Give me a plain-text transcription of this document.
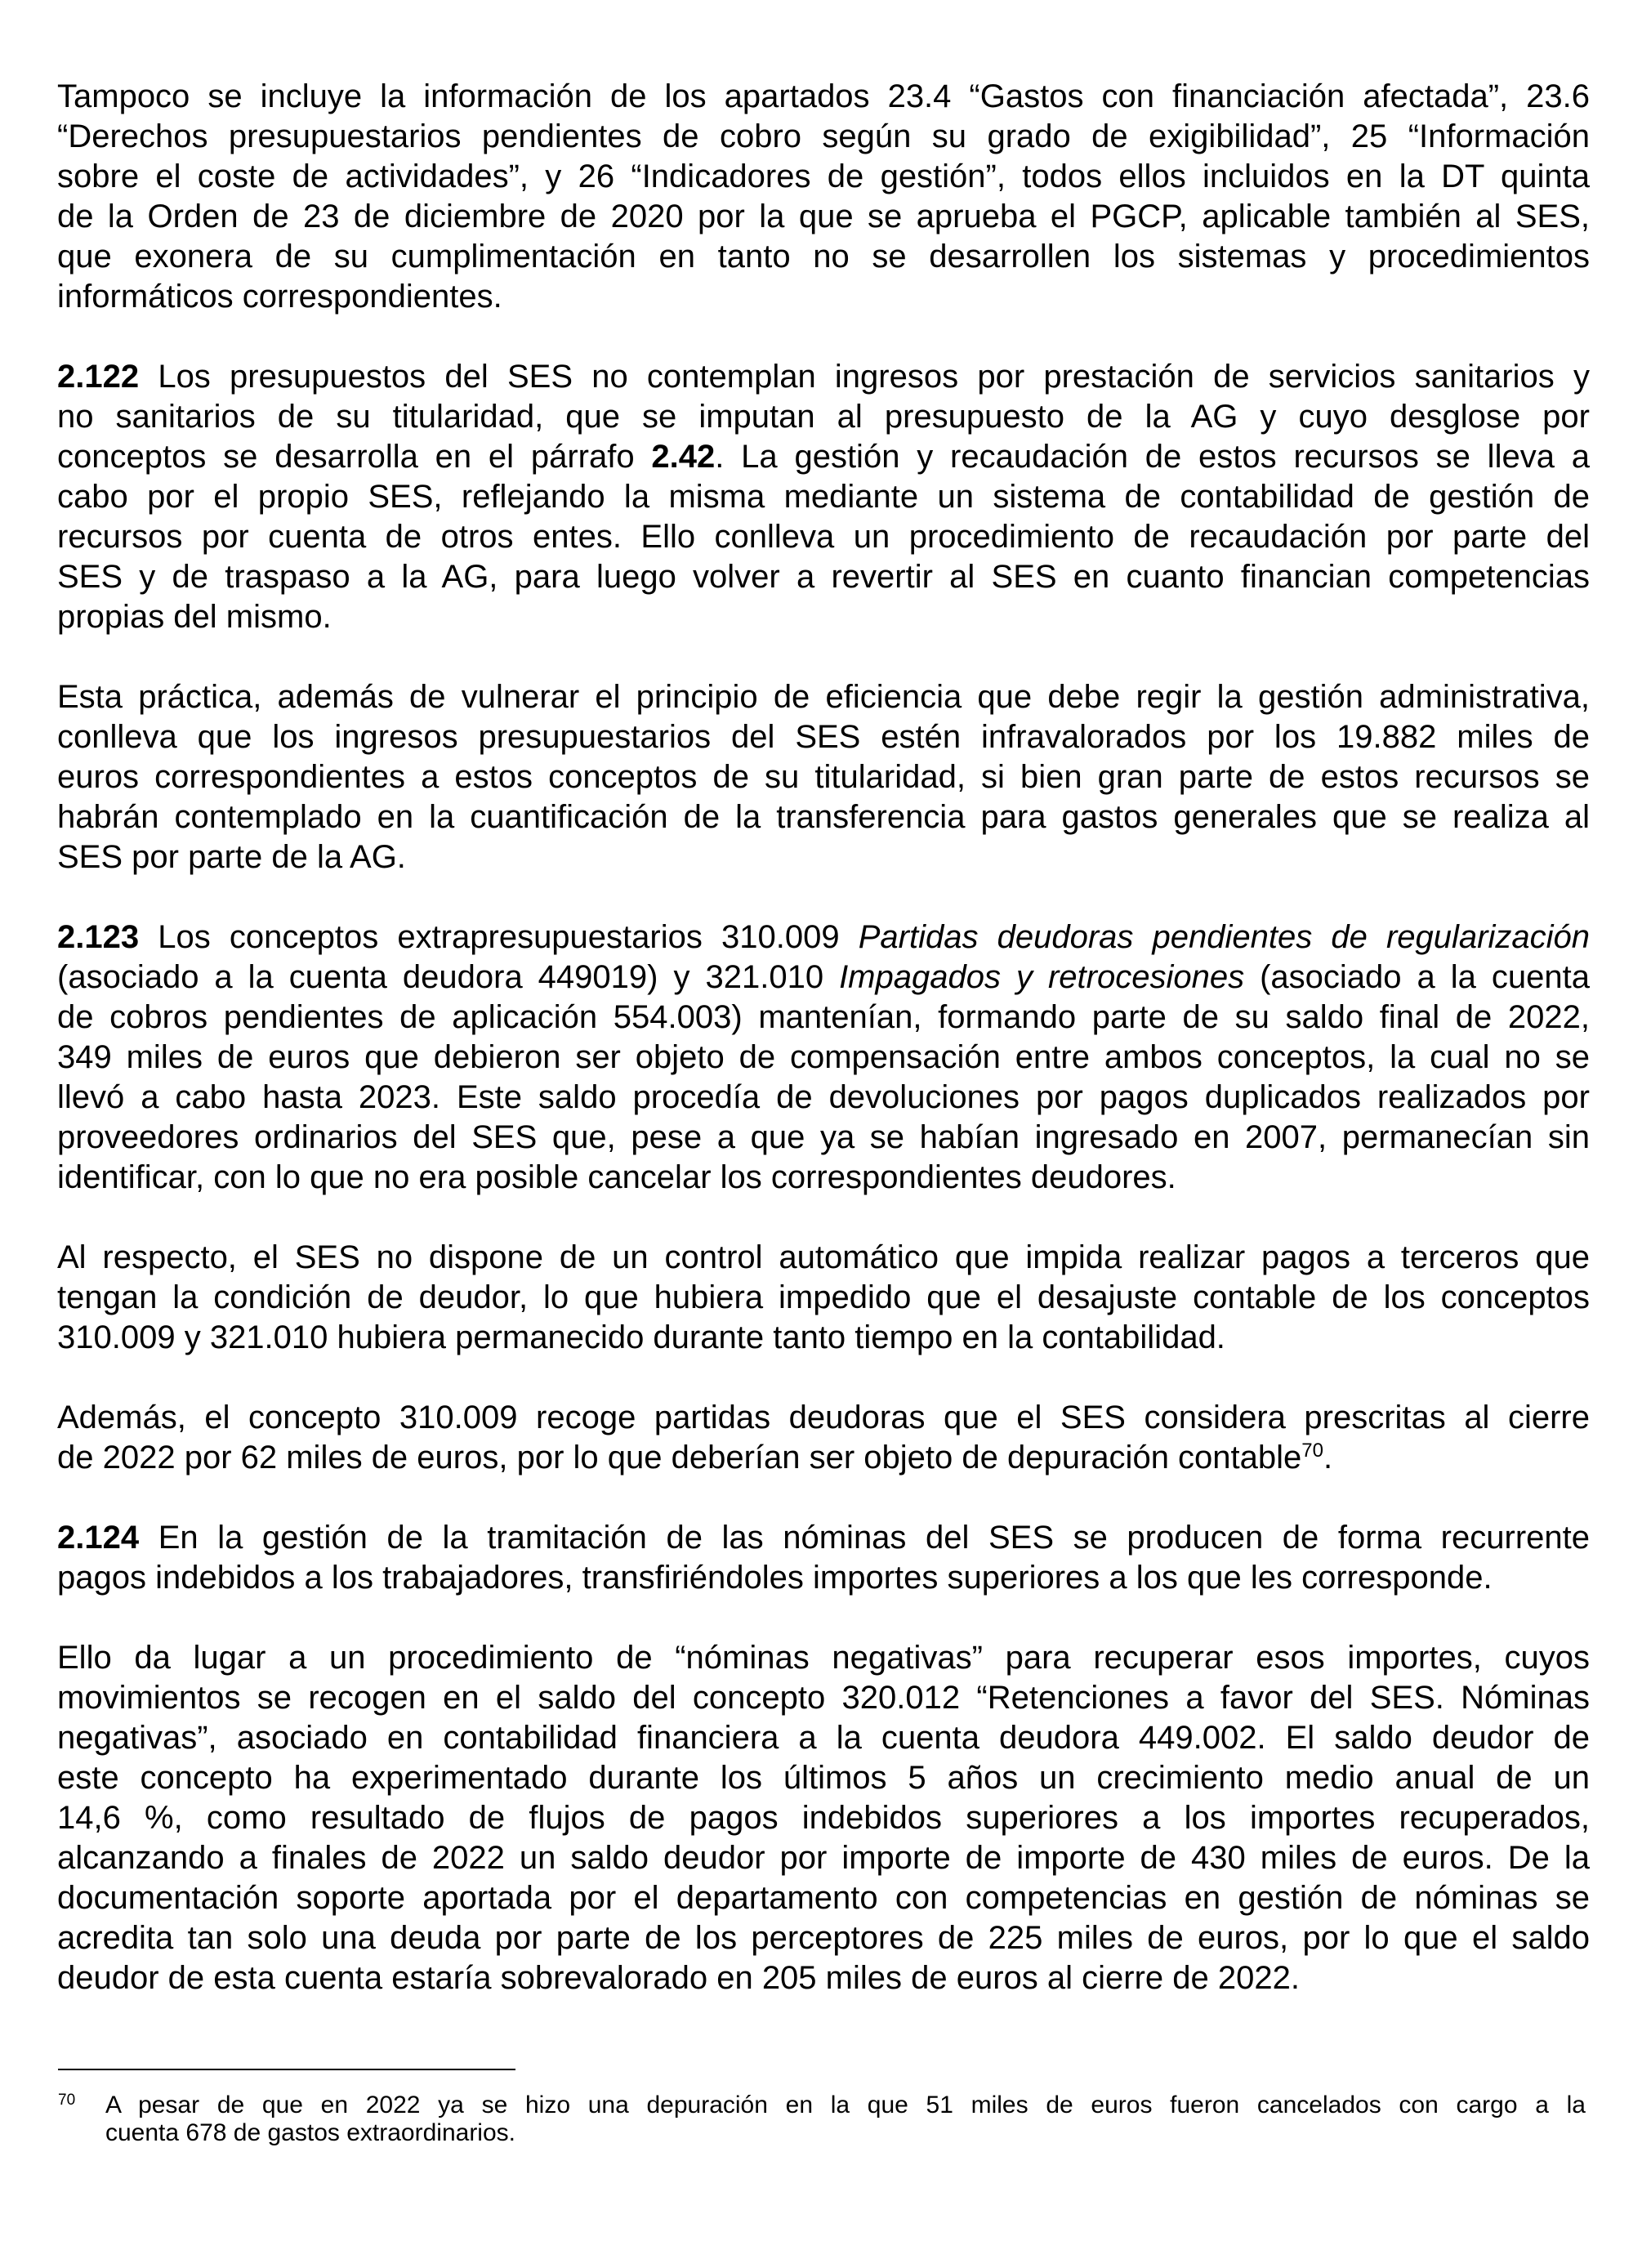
Tampoco se incluye la información de los apartados 23.4 “Gastos con financiación afectada”, 23.6
“Derechos presupuestarios pendientes de cobro según su grado de exigibilidad”, 25 “Información
sobre el coste de actividades”, y 26 “Indicadores de gestión”, todos ellos incluidos en la DT quinta
de la Orden de 23 de diciembre de 2020 por la que se aprueba el PGCP, aplicable también al SES,
que exonera de su cumplimentación en tanto no se desarrollen los sistemas y procedimientos
informáticos correspondientes.
2.122 Los presupuestos del SES no contemplan ingresos por prestación de servicios sanitarios y
no sanitarios de su titularidad, que se imputan al presupuesto de la AG y cuyo desglose por
conceptos se desarrolla en el párrafo 2.42. La gestión y recaudación de estos recursos se lleva a
cabo por el propio SES, reflejando la misma mediante un sistema de contabilidad de gestión de
recursos por cuenta de otros entes. Ello conlleva un procedimiento de recaudación por parte del
SES y de traspaso a la AG, para luego volver a revertir al SES en cuanto financian competencias
propias del mismo.
Esta práctica, además de vulnerar el principio de eficiencia que debe regir la gestión administrativa,
conlleva que los ingresos presupuestarios del SES estén infravalorados por los 19.882 miles de
euros correspondientes a estos conceptos de su titularidad, si bien gran parte de estos recursos se
habrán contemplado en la cuantificación de la transferencia para gastos generales que se realiza al
SES por parte de la AG.
2.123 Los conceptos extrapresupuestarios 310.009 Partidas deudoras pendientes de regularización
(asociado a la cuenta deudora 449019) y 321.010 Impagados y retrocesiones (asociado a la cuenta
de cobros pendientes de aplicación 554.003) mantenían, formando parte de su saldo final de 2022,
349 miles de euros que debieron ser objeto de compensación entre ambos conceptos, la cual no se
llevó a cabo hasta 2023. Este saldo procedía de devoluciones por pagos duplicados realizados por
proveedores ordinarios del SES que, pese a que ya se habían ingresado en 2007, permanecían sin
identificar, con lo que no era posible cancelar los correspondientes deudores.
Al respecto, el SES no dispone de un control automático que impida realizar pagos a terceros que
tengan la condición de deudor, lo que hubiera impedido que el desajuste contable de los conceptos
310.009 y 321.010 hubiera permanecido durante tanto tiempo en la contabilidad.
Además, el concepto 310.009 recoge partidas deudoras que el SES considera prescritas al cierre
de 2022 por 62 miles de euros, por lo que deberían ser objeto de depuración contable$^{70}$.
2.124 En la gestión de la tramitación de las nóminas del SES se producen de forma recurrente
pagos indebidos a los trabajadores, transfiriéndoles importes superiores a los que les corresponde.
Ello da lugar a un procedimiento de “nóminas negativas” para recuperar esos importes, cuyos
movimientos se recogen en el saldo del concepto 320.012 “Retenciones a favor del SES. Nóminas
negativas”, asociado en contabilidad financiera a la cuenta deudora 449.002. El saldo deudor de
este concepto ha experimentado durante los últimos 5 años un crecimiento medio anual de un
14,6 %, como resultado de flujos de pagos indebidos superiores a los importes recuperados,
alcanzando a finales de 2022 un saldo deudor por importe de importe de 430 miles de euros. De la
documentación soporte aportada por el departamento con competencias en gestión de nóminas se
acredita tan solo una deuda por parte de los perceptores de 225 miles de euros, por lo que el saldo
deudor de esta cuenta estaría sobrevalorado en 205 miles de euros al cierre de 2022.
70 A pesar de que en 2022 ya se hizo una depuración en la que 51 miles de euros fueron cancelados con cargo a la
cuenta 678 de gastos extraordinarios.
